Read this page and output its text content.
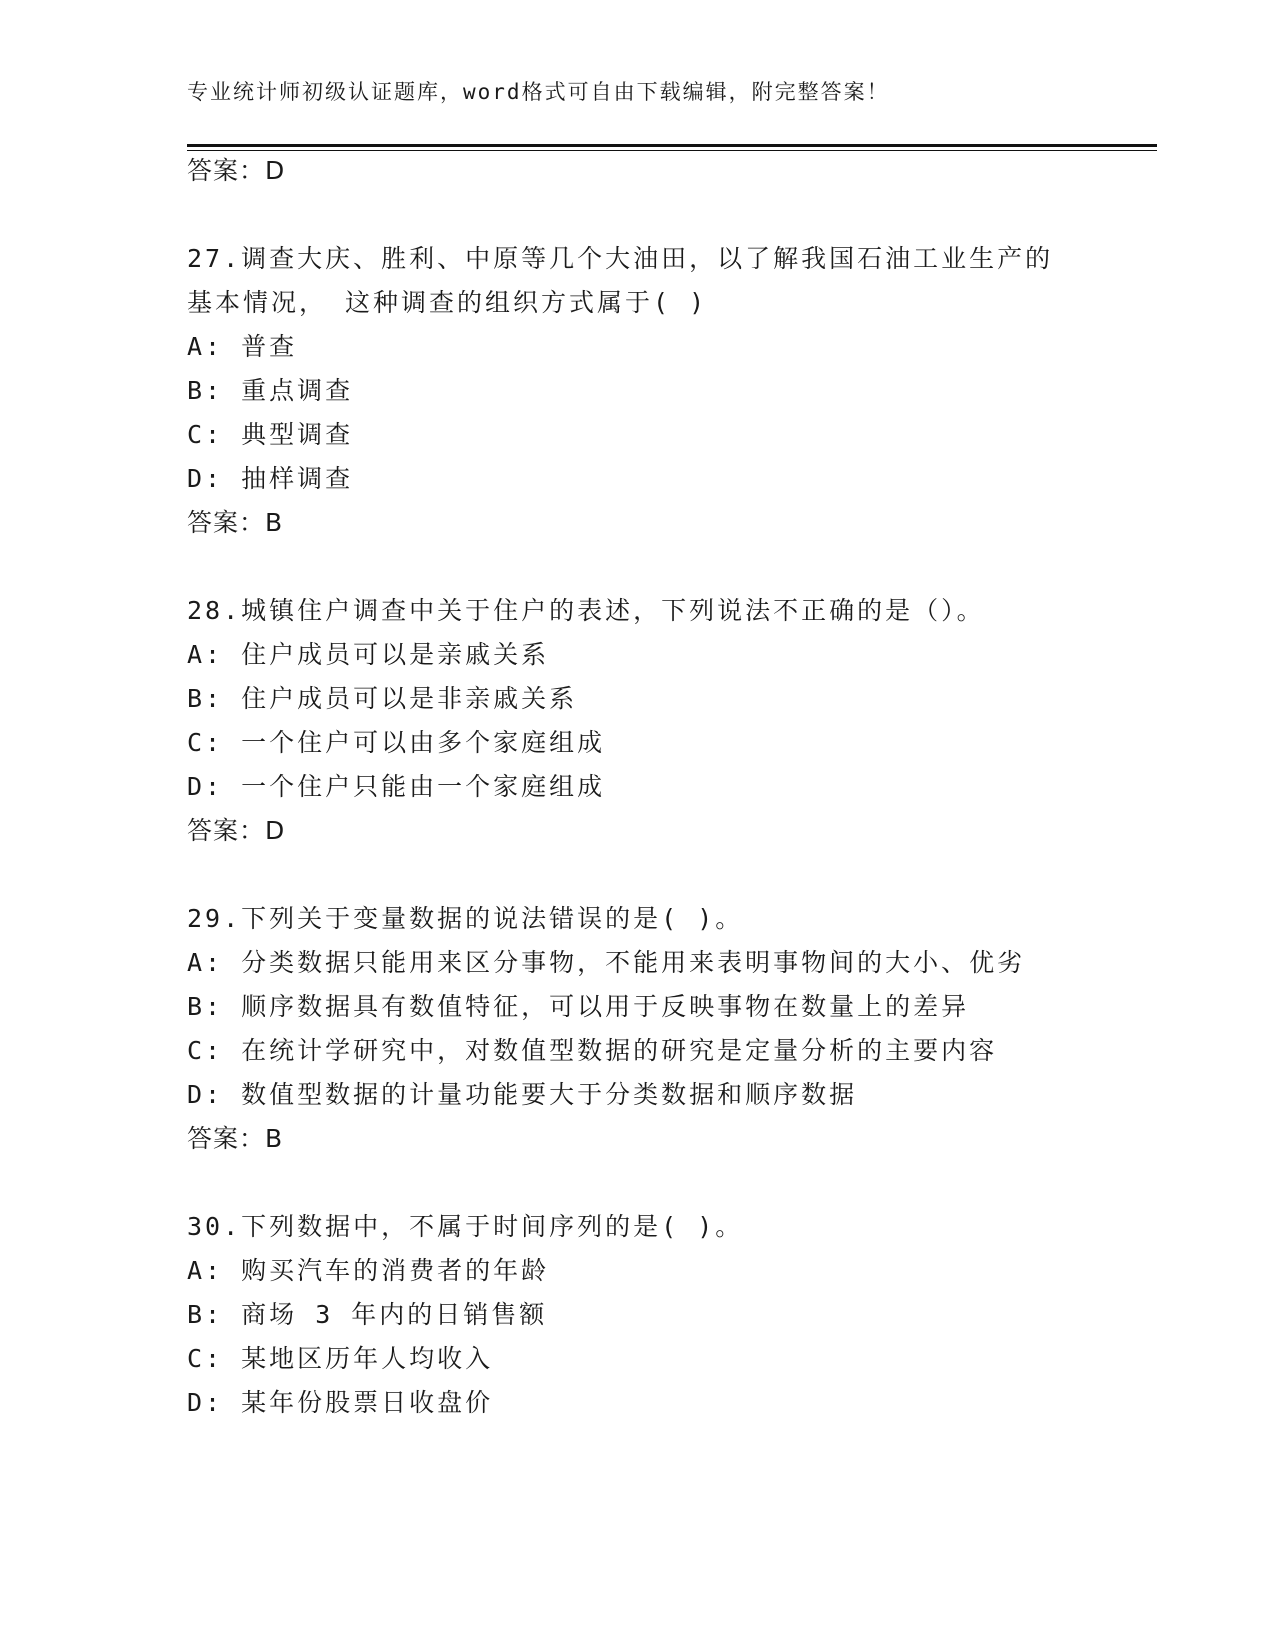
专业统计师初级认证题库，word格式可自由下载编辑，附完整答案！
答案：D
27.调查大庆、胜利、中原等几个大油田，以了解我国石油工业生产的
基本情况， 这种调查的组织方式属于( )
A: 普查
B: 重点调查
C: 典型调查
D: 抽样调查
答案：B
28.城镇住户调查中关于住户的表述，下列说法不正确的是（）。
A: 住户成员可以是亲戚关系
B: 住户成员可以是非亲戚关系
C: 一个住户可以由多个家庭组成
D: 一个住户只能由一个家庭组成
答案：D
29.下列关于变量数据的说法错误的是( )。
A: 分类数据只能用来区分事物，不能用来表明事物间的大小、优劣
B: 顺序数据具有数值特征，可以用于反映事物在数量上的差异
C: 在统计学研究中，对数值型数据的研究是定量分析的主要内容
D: 数值型数据的计量功能要大于分类数据和顺序数据
答案：B
30.下列数据中，不属于时间序列的是( )。
A: 购买汽车的消费者的年龄
B: 商场 3 年内的日销售额
C: 某地区历年人均收入
D: 某年份股票日收盘价
